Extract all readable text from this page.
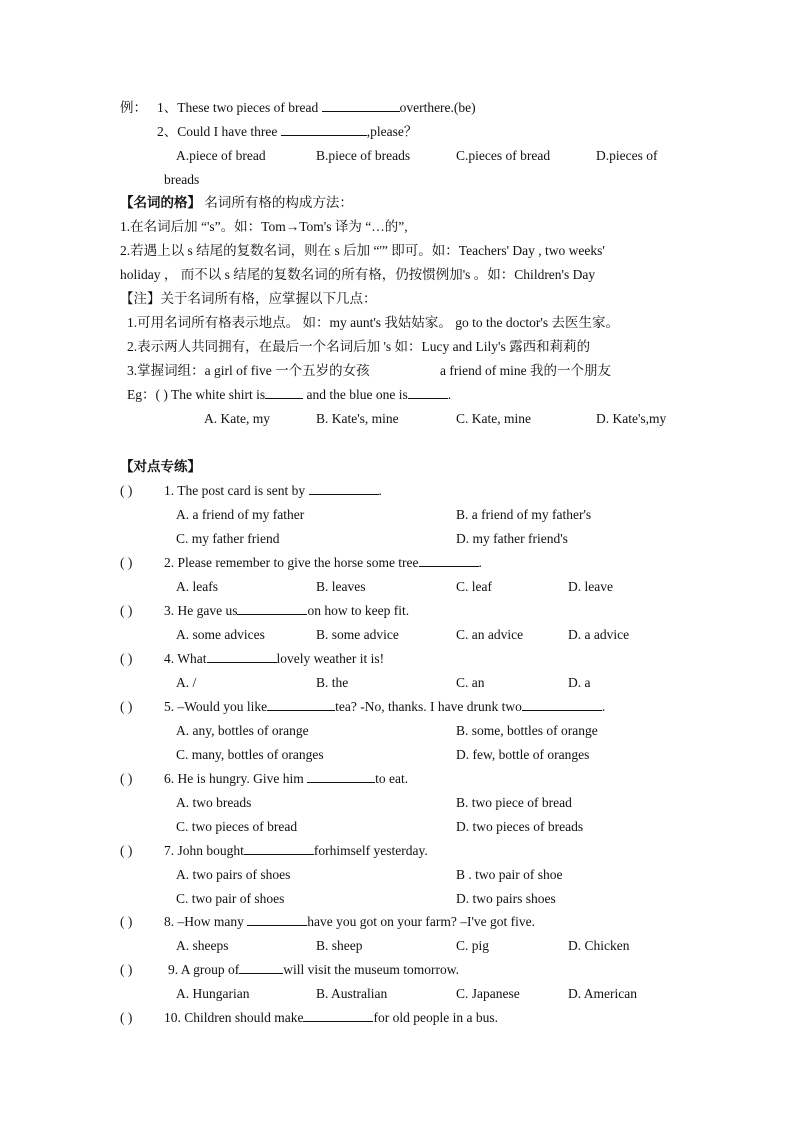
例： 1、These two pieces of bread	overthere.(be)
2、Could I have three	,please？
A.piece of bread	B.piece of breads	C.pieces of bread	D.pieces of
breads
【名词的格】 名词所有格的构成方法：
1.在名词后加 “'s”。如：Tom→Tom's 译为 “…的”,
2.若遇上以 s 结尾的复数名词，则在 s 后加 “'” 即可。如：Teachers' Day , two weeks'
holiday ， 而不以 s 结尾的复数名词的所有格，仍按惯例加's 。如：Children's Day
【注】关于名词所有格，应掌握以下几点：
1.可用名词所有格表示地点。 如：my aunt's 我姑姑家。 go to the doctor's 去医生家。
2.表示两人共同拥有，在最后一个名词后加 's 如：Lucy and Lily's 露西和莉莉的
3.掌握词组：a girl of five 一个五岁的女孩	a friend of mine 我的一个朋友
Eg：( ) The white shirt is	and the blue one is	.
A. Kate, my	B. Kate's, mine	C. Kate, mine	D. Kate's,my
【对点专练】
( ) 1. The post card is sent by	.
A. a friend of my father	B. a friend of my father's
C. my father friend	D. my father friend's
( ) 2. Please remember to give the horse some tree	.
A. leafs	B. leaves	C. leaf	D. leave
( ) 3. He gave us	on how to keep fit.
A. some advices	B. some advice	C. an advice	D. a advice
( ) 4. What	lovely weather it is!
A. /	B. the	C. an	D. a
( ) 5. –Would you like	tea? -No, thanks. I have drunk two	.
A. any, bottles of orange	B. some, bottles of orange
C. many, bottles of oranges	D. few, bottle of oranges
( ) 6. He is hungry. Give him	to eat.
A. two breads	B. two piece of bread
C. two pieces of bread	D. two pieces of breads
( ) 7. John bought	forhimself yesterday.
A. two pairs of shoes	B . two pair of shoe
C. two pair of shoes	D. two pairs shoes
( ) 8. –How many	have you got on your farm? –I've got five.
A. sheeps	B. sheep	C. pig	D. Chicken
( )	9. A group of	will visit the museum tomorrow.
A. Hungarian	B. Australian	C. Japanese	D. American
( ) 10. Children should make	for old people in a bus.
